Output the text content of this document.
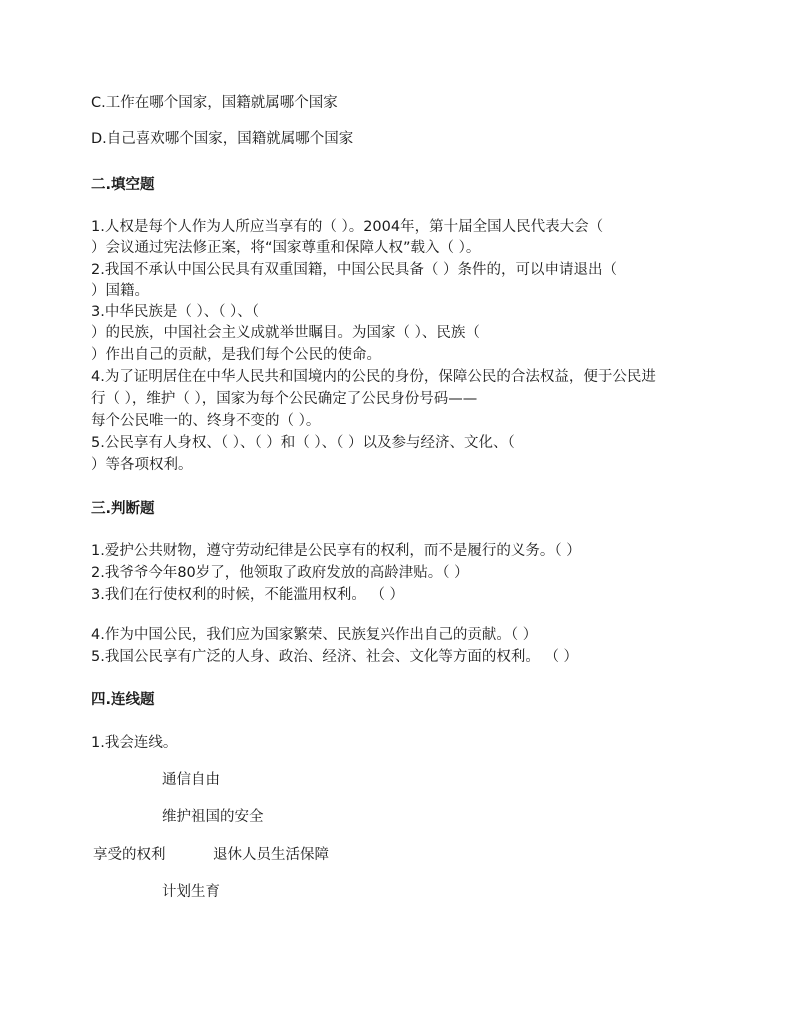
C.工作在哪个国家，国籍就属哪个国家
D.自己喜欢哪个国家，国籍就属哪个国家
二.填空题
1.人权是每个人作为人所应当享有的（ ）。2004年，第十届全国人民代表大会（
）会议通过宪法修正案，将“国家尊重和保障人权”载入（ ）。
2.我国不承认中国公民具有双重国籍，中国公民具备（ ）条件的，可以申请退出（
）国籍。
3.中华民族是（ ）、（ ）、（
）的民族，中国社会主义成就举世瞩目。为国家（ ）、民族（
）作出自己的贡献，是我们每个公民的使命。
4.为了证明居住在中华人民共和国境内的公民的身份，保障公民的合法权益，便于公民进
行（ ），维护（ ），国家为每个公民确定了公民身份号码——
每个公民唯一的、终身不变的（ ）。
5.公民享有人身权、（ ）、（ ）和（ ）、（ ）以及参与经济、文化、（
）等各项权利。
三.判断题
1.爱护公共财物，遵守劳动纪律是公民享有的权利，而不是履行的义务。（ ）
2.我爷爷今年80岁了，他领取了政府发放的高龄津贴。（ ）
3.我们在行使权利的时候，不能滥用权利。 （ ）
4.作为中国公民，我们应为国家繁荣、民族复兴作出自己的贡献。（ ）
5.我国公民享有广泛的人身、政治、经济、社会、文化等方面的权利。 （ ）
四.连线题
1.我会连线。
通信自由
维护祖国的安全
享受的权利	退休人员生活保障
计划生育
